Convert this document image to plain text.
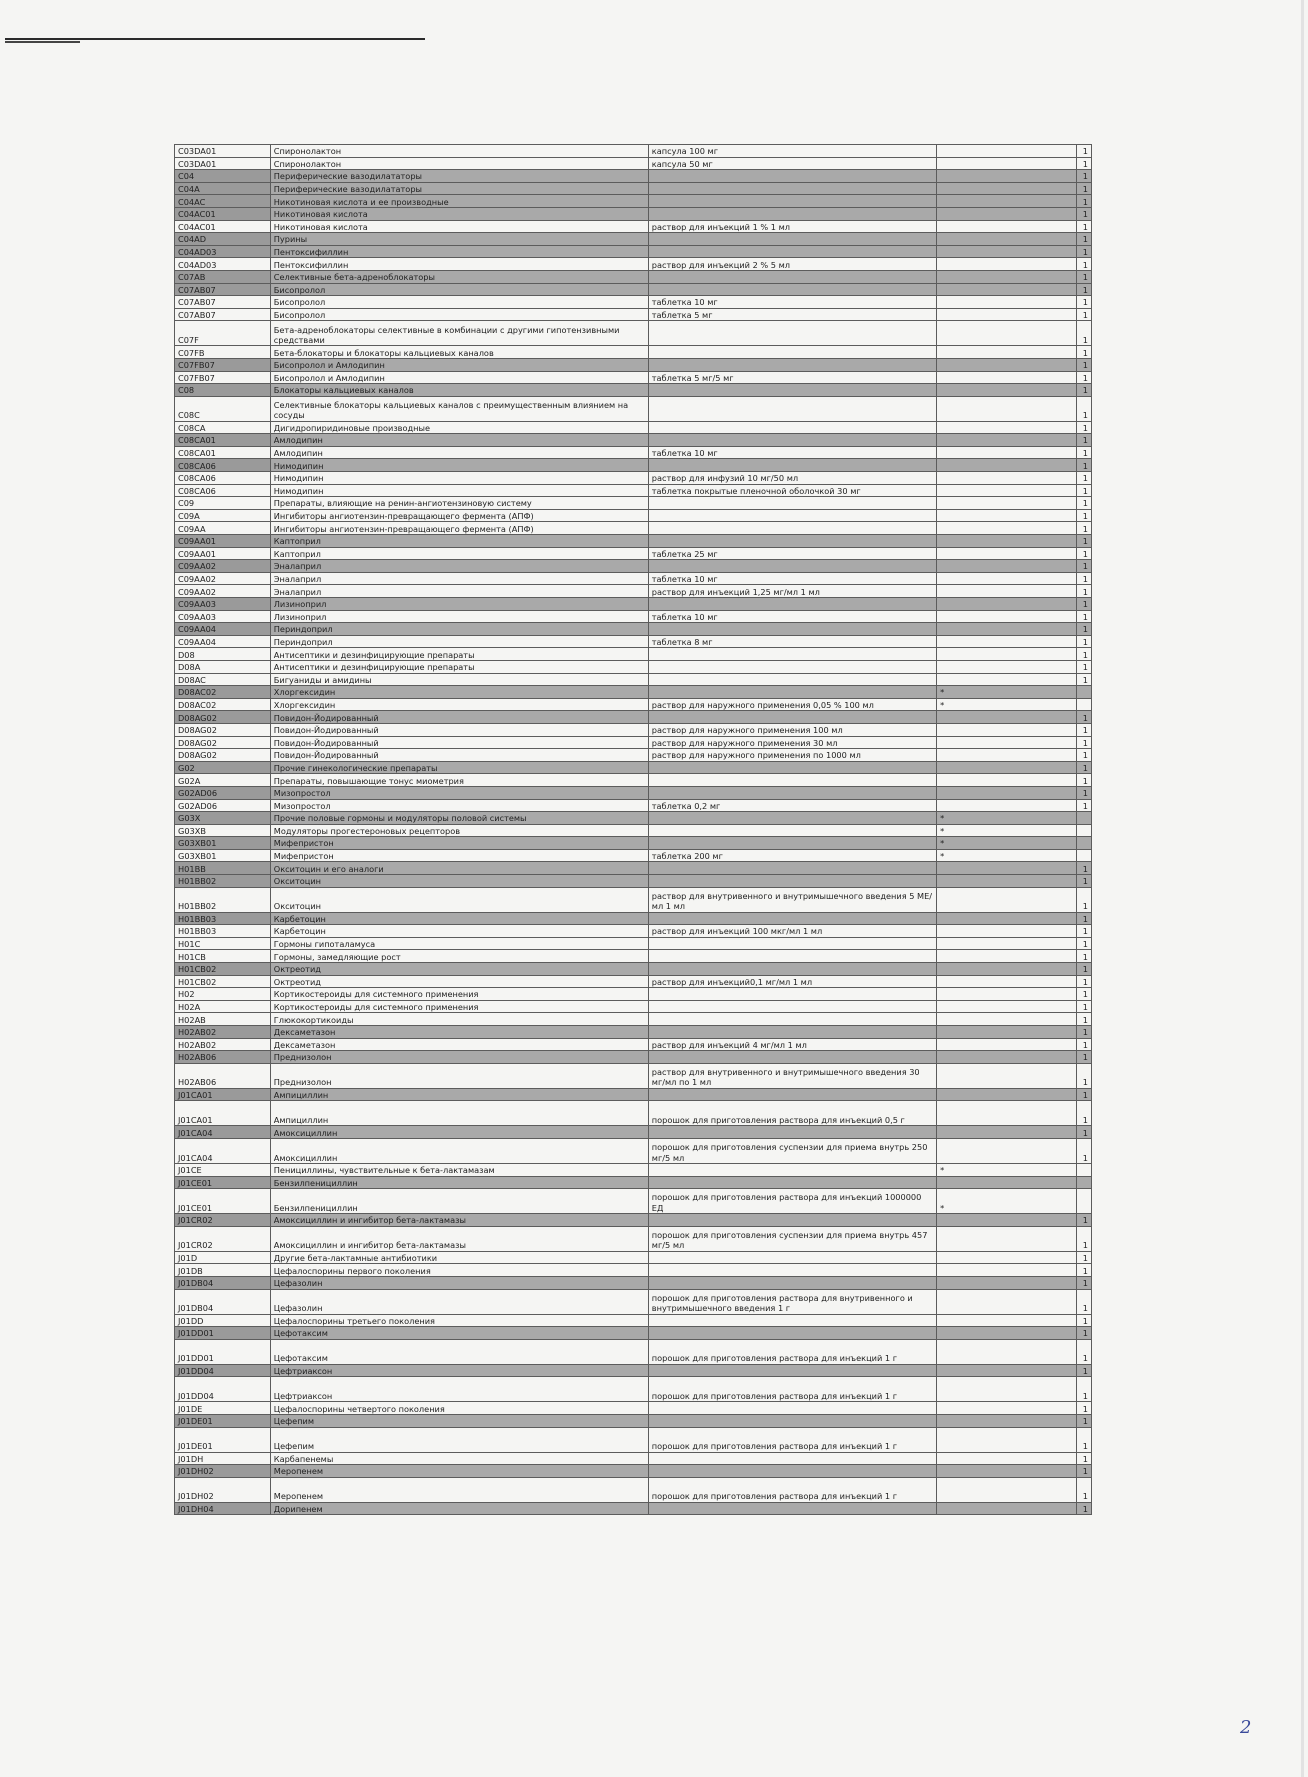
C03DA01	Спиронолактон	капсула 100 мг		1
C03DA01	Спиронолактон	капсула 50 мг		1
C04	Периферические вазодилататоры			1
C04A	Периферические вазодилататоры			1
C04AC	Никотиновая кислота и ее производные			1
C04AC01	Никотиновая кислота			1
C04AC01	Никотиновая кислота	раствор для инъекций 1 % 1 мл		1
C04AD	Пурины			1
C04AD03	Пентоксифиллин			1
C04AD03	Пентоксифиллин	раствор для инъекций 2 % 5 мл		1
C07AB	Селективные бета-адреноблокаторы			1
C07AB07	Бисопролол			1
C07AB07	Бисопролол	таблетка 10 мг		1
C07AB07	Бисопролол	таблетка 5 мг		1
C07F	Бета-адреноблокаторы селективные в комбинации с другими гипотензивными средствами			1
C07FB	Бета-блокаторы и блокаторы кальциевых каналов			1
C07FB07	Бисопролол и Амлодипин			1
C07FB07	Бисопролол и Амлодипин	таблетка 5 мг/5 мг		1
C08	Блокаторы кальциевых каналов			1
C08C	Селективные блокаторы кальциевых каналов с преимущественным влиянием на сосуды			1
C08CA	Дигидропиридиновые производные			1
C08CA01	Амлодипин			1
C08CA01	Амлодипин	таблетка 10 мг		1
C08CA06	Нимодипин			1
C08CA06	Нимодипин	раствор для инфузий 10 мг/50 мл		1
C08CA06	Нимодипин	таблетка покрытые пленочной оболочкой 30 мг		1
C09	Препараты, влияющие на ренин-ангиотензиновую систему			1
C09A	Ингибиторы ангиотензин-превращающего фермента (АПФ)			1
C09AA	Ингибиторы ангиотензин-превращающего фермента (АПФ)			1
C09AA01	Каптоприл			1
C09AA01	Каптоприл	таблетка 25 мг		1
C09AA02	Эналаприл			1
C09AA02	Эналаприл	таблетка 10 мг		1
C09AA02	Эналаприл	раствор для инъекций 1,25 мг/мл 1 мл		1
C09AA03	Лизиноприл			1
C09AA03	Лизиноприл	таблетка 10 мг		1
C09AA04	Периндоприл			1
C09AA04	Периндоприл	таблетка 8 мг		1
D08	Антисептики и дезинфицирующие препараты			1
D08A	Антисептики и дезинфицирующие препараты			1
D08AC	Бигуаниды и амидины			1
D08AC02	Хлоргексидин		*	
D08AC02	Хлоргексидин	раствор для наружного применения 0,05 % 100 мл	*	
D08AG02	Повидон-Йодированный			1
D08AG02	Повидон-Йодированный	раствор для наружного применения 100 мл		1
D08AG02	Повидон-Йодированный	раствор для наружного применения 30 мл		1
D08AG02	Повидон-Йодированный	раствор для наружного применения по 1000 мл		1
G02	Прочие гинекологические препараты			1
G02A	Препараты, повышающие тонус миометрия			1
G02AD06	Мизопростол			1
G02AD06	Мизопростол	таблетка 0,2 мг		1
G03X	Прочие половые гормоны и модуляторы половой системы		*	
G03XB	Модуляторы прогестероновых рецепторов		*	
G03XB01	Мифепристон		*	
G03XB01	Мифепристон	таблетка 200 мг	*	
H01BB	Окситоцин и его аналоги			1
H01BB02	Окситоцин			1
H01BB02	Окситоцин	раствор для внутривенного и внутримышечного введения 5 МЕ/мл 1 мл		1
H01BB03	Карбетоцин			1
H01BB03	Карбетоцин	раствор для инъекций 100 мкг/мл 1 мл		1
H01C	Гормоны гипоталамуса			1
H01CB	Гормоны, замедляющие рост			1
H01CB02	Октреотид			1
H01CB02	Октреотид	раствор для инъекций0,1 мг/мл 1 мл		1
H02	Кортикостероиды для системного применения			1
H02A	Кортикостероиды для системного применения			1
H02AB	Глюкокортикоиды			1
H02AB02	Дексаметазон			1
H02AB02	Дексаметазон	раствор для инъекций 4 мг/мл 1 мл		1
H02AB06	Преднизолон			1
H02AB06	Преднизолон	раствор для внутривенного и внутримышечного введения 30 мг/мл по 1 мл		1
J01CA01	Ампициллин			1
J01CA01	Ампициллин	порошок для приготовления раствора для инъекций 0,5 г		1
J01CA04	Амоксициллин			1
J01CA04	Амоксициллин	порошок для приготовления суспензии для приема внутрь 250 мг/5 мл		1
J01CE	Пенициллины, чувствительные к бета-лактамазам		*	
J01CE01	Бензилпенициллин			
J01CE01	Бензилпенициллин	порошок для приготовления раствора для инъекций 1000000 ЕД	*	
J01CR02	Амоксициллин и ингибитор бета-лактамазы			1
J01CR02	Амоксициллин и ингибитор бета-лактамазы	порошок для приготовления суспензии для приема внутрь 457 мг/5 мл		1
J01D	Другие бета-лактамные антибиотики			1
J01DB	Цефалоспорины первого поколения			1
J01DB04	Цефазолин			1
J01DB04	Цефазолин	порошок для приготовления раствора для внутривенного и внутримышечного введения 1 г		1
J01DD	Цефалоспорины третьего поколения			1
J01DD01	Цефотаксим			1
J01DD01	Цефотаксим	порошок для приготовления раствора для инъекций 1 г		1
J01DD04	Цефтриаксон			1
J01DD04	Цефтриаксон	порошок для приготовления раствора для инъекций 1 г		1
J01DE	Цефалоспорины четвертого поколения			1
J01DE01	Цефепим			1
J01DE01	Цефепим	порошок для приготовления раствора для инъекций 1 г		1
J01DH	Карбапенемы			1
J01DH02	Меропенем			1
J01DH02	Меропенем	порошок для приготовления раствора для инъекций 1 г		1
J01DH04	Дорипенем			1
2
